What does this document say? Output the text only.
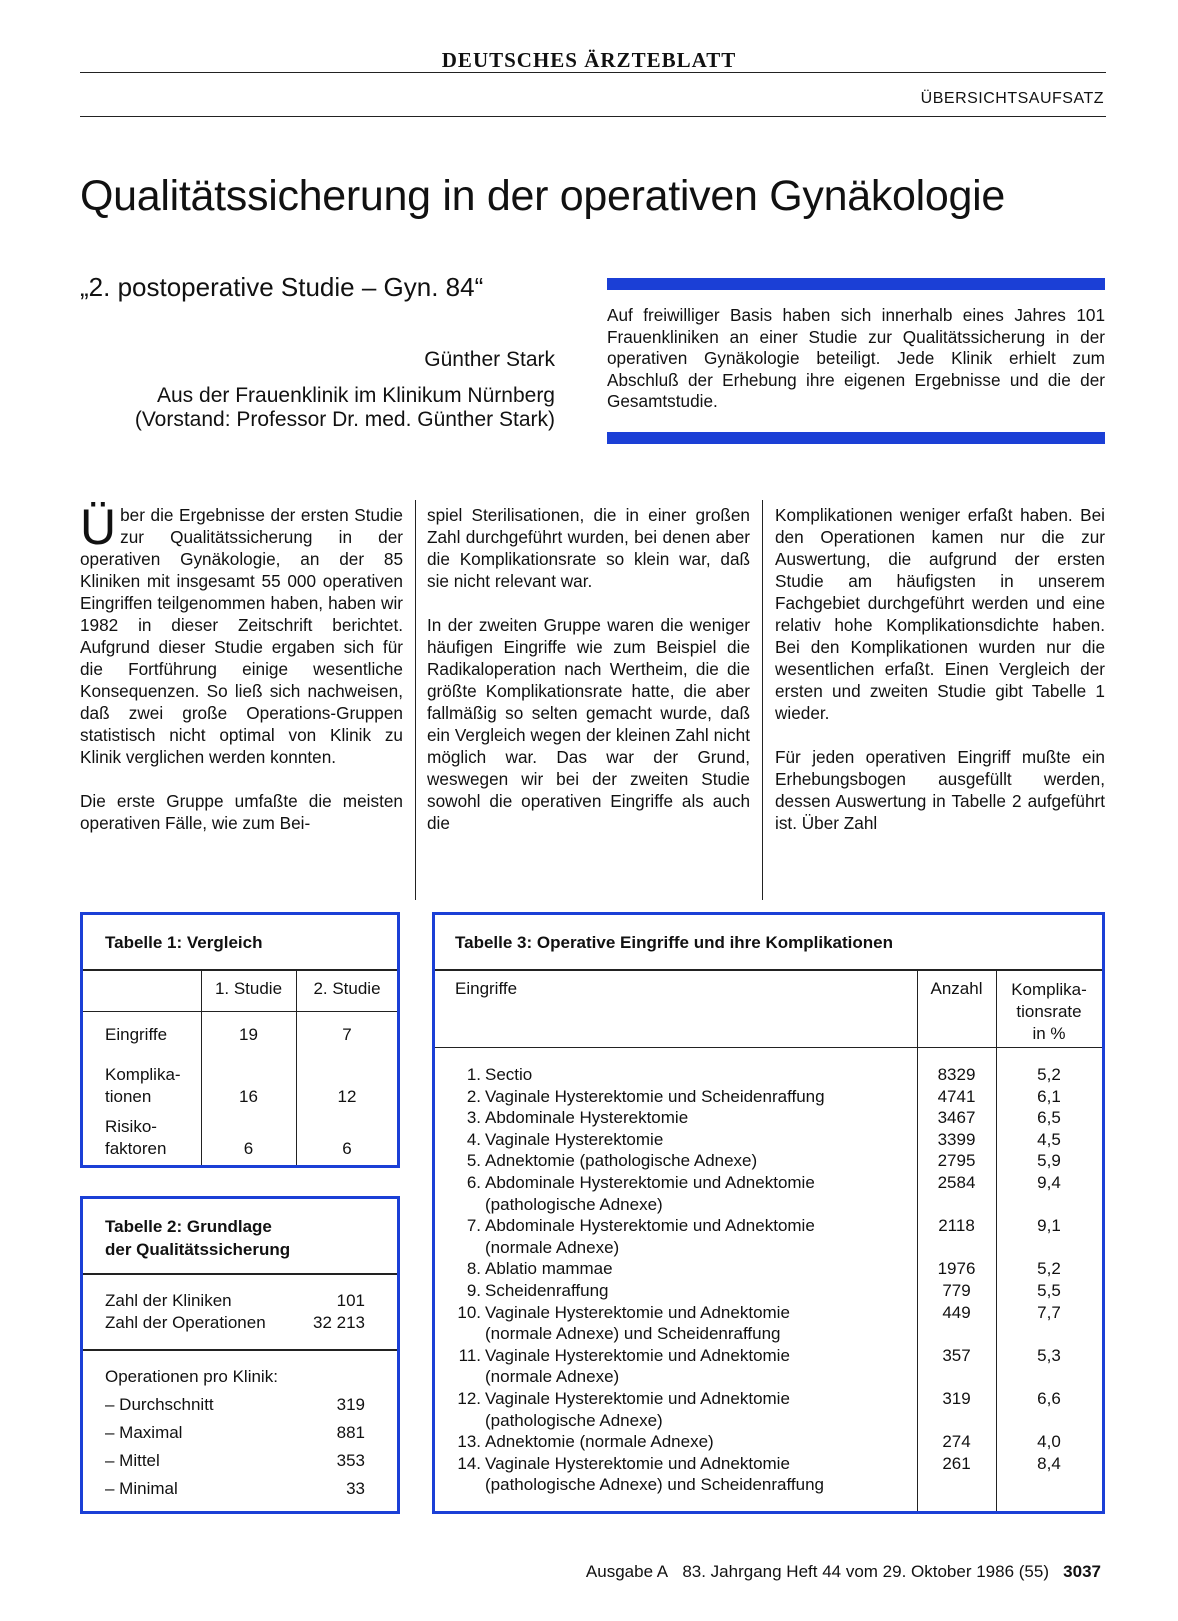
DEUTSCHES ÄRZTEBLATT
ÜBERSICHTSAUFSATZ
Qualitätssicherung in der operativen Gynäkologie
„2. postoperative Studie – Gyn. 84“
Günther Stark
Aus der Frauenklinik im Klinikum Nürnberg
(Vorstand: Professor Dr. med. Günther Stark)
Auf freiwilliger Basis haben sich innerhalb eines Jahres 101 Frauenkliniken an einer Studie zur Qualitätssicherung in der operativen Gynäkologie beteiligt. Jede Klinik erhielt zum Abschluß der Erhebung ihre eigenen Ergebnisse und die der Gesamtstudie.

Über die Ergebnisse der ersten Studie zur Qualitätssicherung in der operativen Gynäkologie, an der 85 Kliniken mit insgesamt 55 000 operativen Eingriffen teilgenommen haben, haben wir 1982 in dieser Zeitschrift berichtet. Aufgrund dieser Studie ergaben sich für die Fortführung einige wesentliche Konsequenzen. So ließ sich nachweisen, daß zwei große Operations-Gruppen statistisch nicht optimal von Klinik zu Klinik verglichen werden konnten.

Die erste Gruppe umfaßte die meisten operativen Fälle, wie zum Bei-

spiel Sterilisationen, die in einer großen Zahl durchgeführt wurden, bei denen aber die Komplikationsrate so klein war, daß sie nicht relevant war.

In der zweiten Gruppe waren die weniger häufigen Eingriffe wie zum Beispiel die Radikaloperation nach Wertheim, die die größte Komplikationsrate hatte, die aber fallmäßig so selten gemacht wurde, daß ein Vergleich wegen der kleinen Zahl nicht möglich war. Das war der Grund, weswegen wir bei der zweiten Studie sowohl die operativen Eingriffe als auch die

Komplikationen weniger erfaßt haben. Bei den Operationen kamen nur die zur Auswertung, die aufgrund der ersten Studie am häufigsten in unserem Fachgebiet durchgeführt werden und eine relativ hohe Komplikationsdichte haben. Bei den Komplikationen wurden nur die wesentlichen erfaßt. Einen Vergleich der ersten und zweiten Studie gibt Tabelle 1 wieder.

Für jeden operativen Eingriff mußte ein Erhebungsbogen ausgefüllt werden, dessen Auswertung in Tabelle 2 aufgeführt ist. Über Zahl

Tabelle 1: Vergleich
1. Studie	2. Studie
Eingriffe	19	7
Komplika-
tionen	16	12
Risiko-
faktoren	6	6
Tabelle 2: Grundlage
der Qualitätssicherung
Zahl der Kliniken	101
Zahl der Operationen	32 213
Operationen pro Klinik:
– Durchschnitt	319
– Maximal	881
– Mittel	353
– Minimal	33
Tabelle 3: Operative Eingriffe und ihre Komplikationen
Eingriffe	Anzahl	Komplika-
tionsrate
in %
1. Sectio	8329	5,2
2. Vaginale Hysterektomie und Scheidenraffung	4741	6,1
3. Abdominale Hysterektomie	3467	6,5
4. Vaginale Hysterektomie	3399	4,5
5. Adnektomie (pathologische Adnexe)	2795	5,9
6. Abdominale Hysterektomie und Adnektomie	2584	9,4
(pathologische Adnexe)
7. Abdominale Hysterektomie und Adnektomie	2118	9,1
(normale Adnexe)
8. Ablatio mammae	1976	5,2
9. Scheidenraffung	779	5,5
10. Vaginale Hysterektomie und Adnektomie	449	7,7
(normale Adnexe) und Scheidenraffung
11. Vaginale Hysterektomie und Adnektomie	357	5,3
(normale Adnexe)
12. Vaginale Hysterektomie und Adnektomie	319	6,6
(pathologische Adnexe)
13. Adnektomie (normale Adnexe)	274	4,0
14. Vaginale Hysterektomie und Adnektomie	261	8,4
(pathologische Adnexe) und Scheidenraffung
Ausgabe A 83. Jahrgang Heft 44 vom 29. Oktober 1986 (55) 3037
